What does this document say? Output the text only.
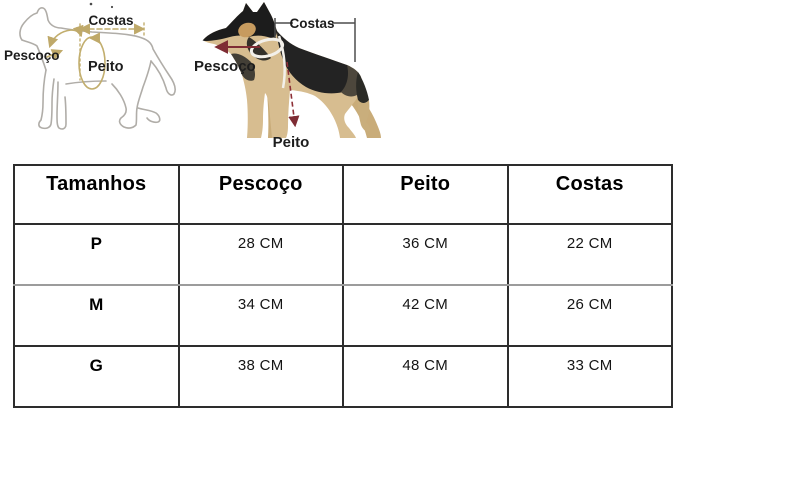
Costas
Pescoço
Peito
Costas
Pescoço
Peito
Tamanhos	Pescoço	Peito	Costas
P	28 CM	36 CM	22 CM
M	34 CM	42 CM	26 CM
G	38 CM	48 CM	33 CM
